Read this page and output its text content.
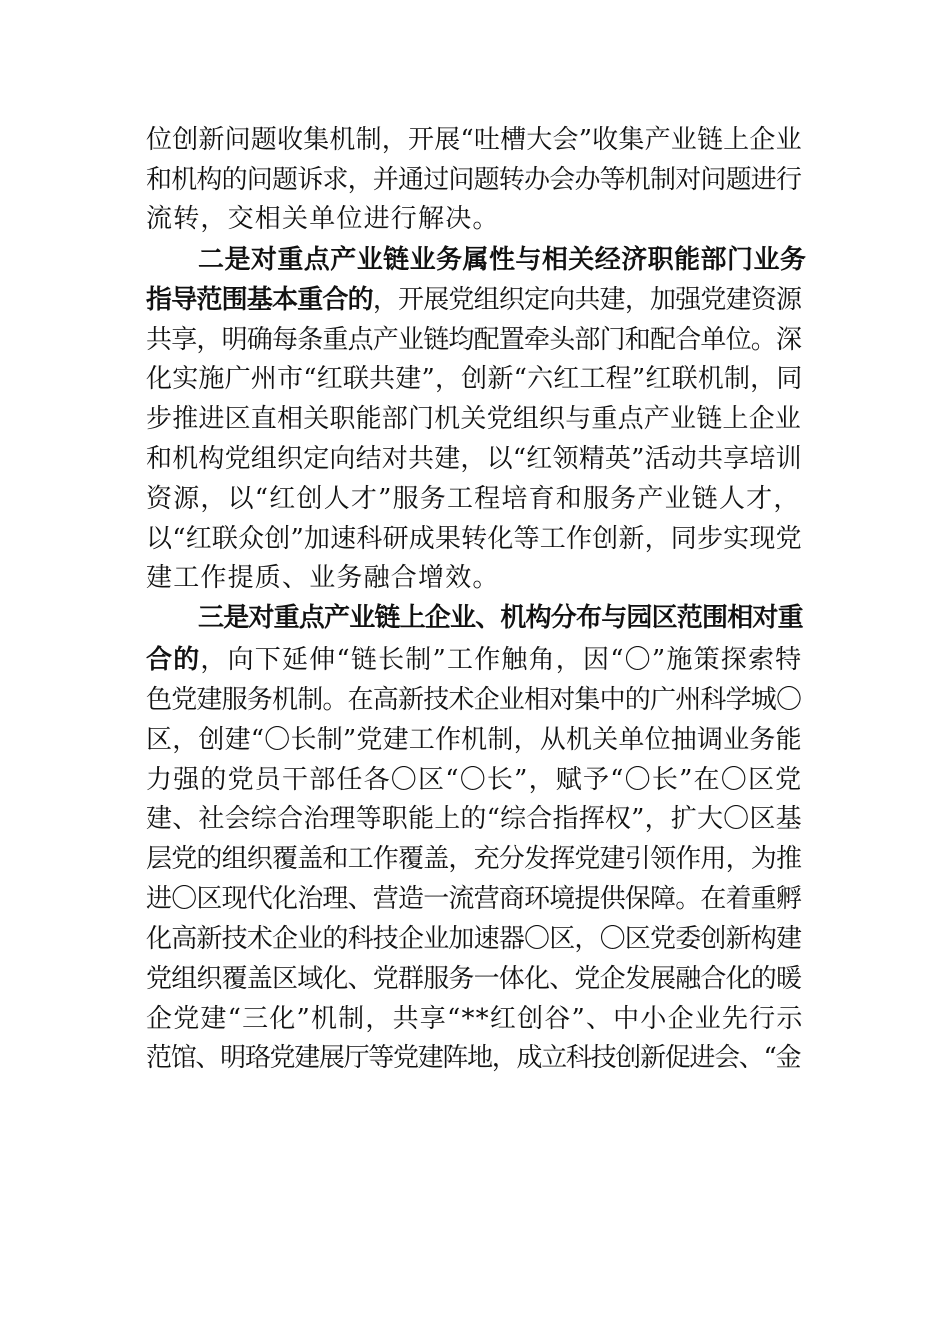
位创新问题收集机制，开展“吐槽大会”收集产业链上企业
和机构的问题诉求，并通过问题转办会办等机制对问题进行
流转，交相关单位进行解决。
二是对重点产业链业务属性与相关经济职能部门业务
指导范围基本重合的，开展党组织定向共建，加强党建资源
共享，明确每条重点产业链均配置牵头部门和配合单位。深
化实施广州市“红联共建”，创新“六红工程”红联机制，同
步推进区直相关职能部门机关党组织与重点产业链上企业
和机构党组织定向结对共建，以“红领精英”活动共享培训
资源，以“红创人才”服务工程培育和服务产业链人才，
以“红联众创”加速科研成果转化等工作创新，同步实现党
建工作提质、业务融合增效。
三是对重点产业链上企业、机构分布与园区范围相对重
合的，向下延伸“链长制”工作触角，因“〇”施策探索特
色党建服务机制。在高新技术企业相对集中的广州科学城〇
区，创建“〇长制”党建工作机制，从机关单位抽调业务能
力强的党员干部任各〇区“〇长”，赋予“〇长”在〇区党
建、社会综合治理等职能上的“综合指挥权”，扩大〇区基
层党的组织覆盖和工作覆盖，充分发挥党建引领作用，为推
进〇区现代化治理、营造一流营商环境提供保障。在着重孵
化高新技术企业的科技企业加速器〇区，〇区党委创新构建
党组织覆盖区域化、党群服务一体化、党企发展融合化的暖
企党建“三化”机制，共享“**红创谷”、中小企业先行示
范馆、明珞党建展厅等党建阵地，成立科技创新促进会、“金
